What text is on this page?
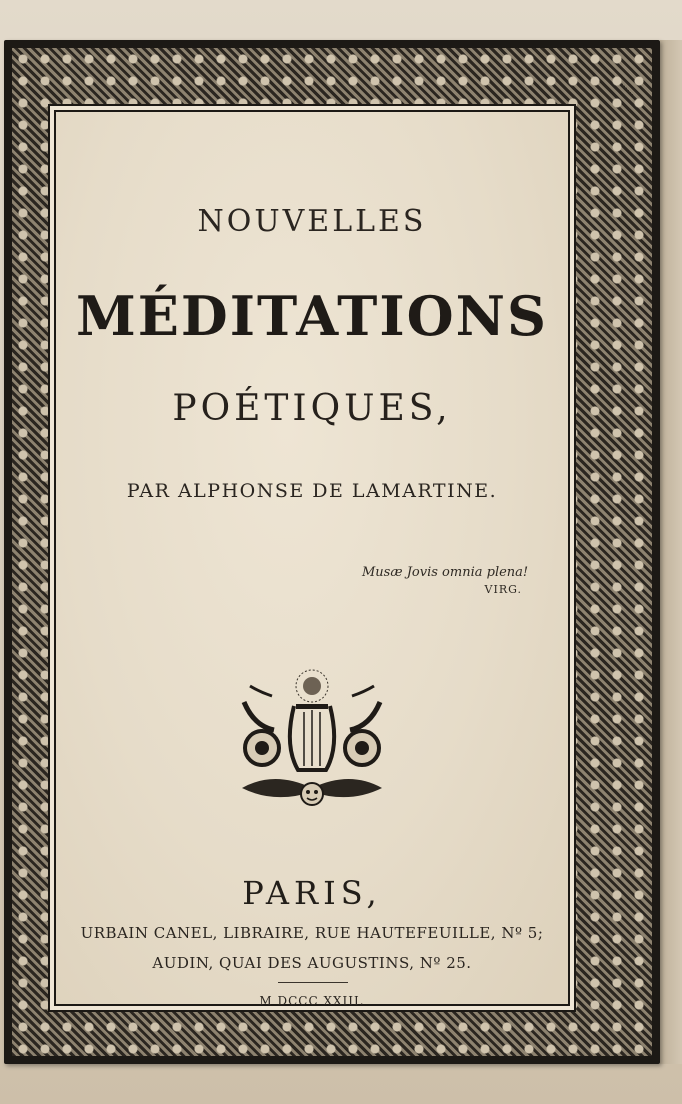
NOUVELLES
MÉDITATIONS
POÉTIQUES,
PAR ALPHONSE DE LAMARTINE.
Musæ Jovis omnia plena!
VIRG.
PARIS,
URBAIN CANEL, LIBRAIRE, RUE HAUTEFEUILLE, Nº 5;
AUDIN, QUAI DES AUGUSTINS, Nº 25.
M DCCC XXIII.
